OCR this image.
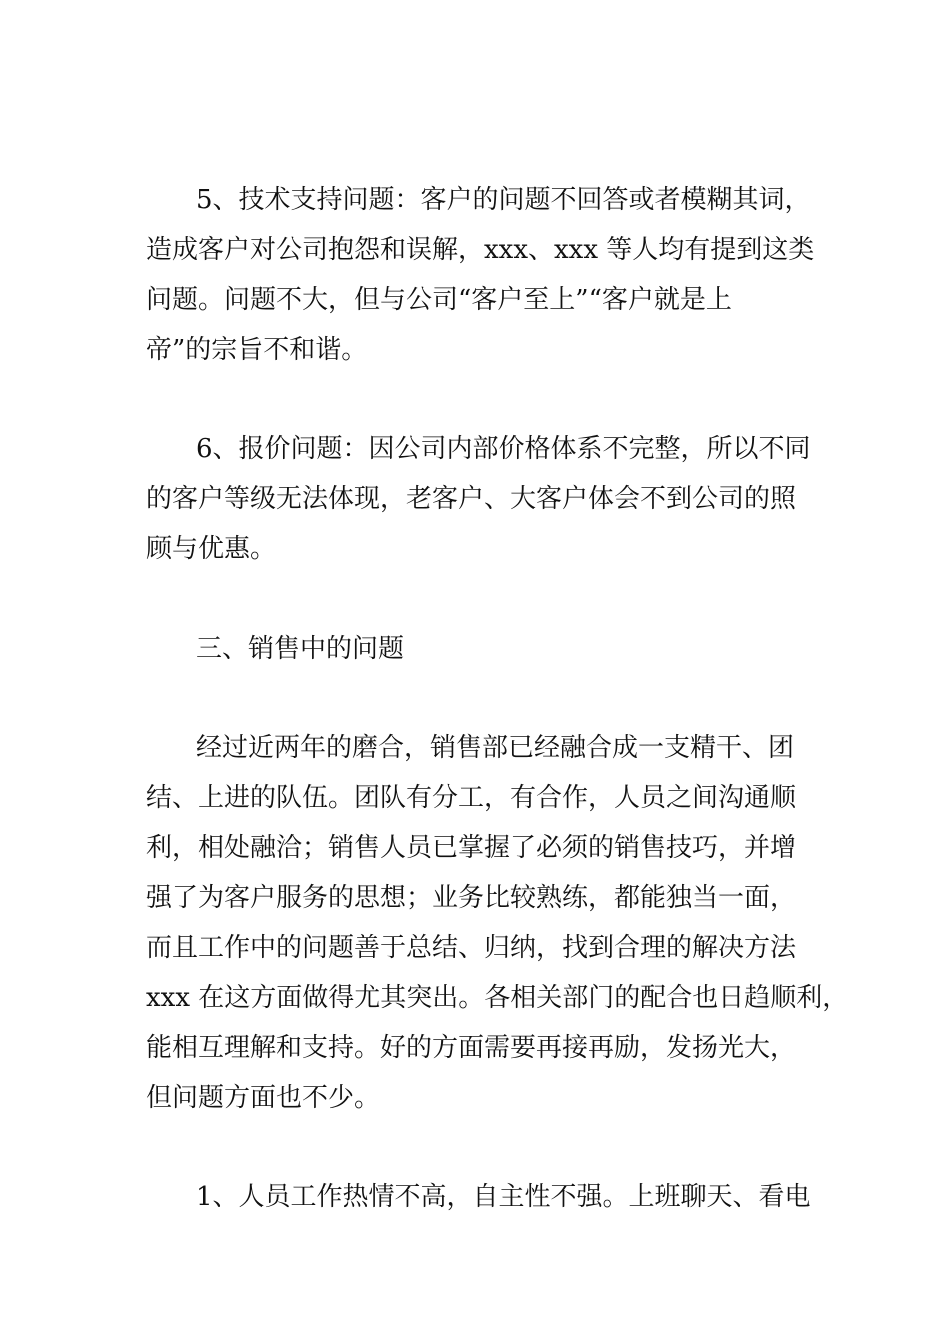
5、技术支持问题：客户的问题不回答或者模糊其词，
造成客户对公司抱怨和误解，xxx、xxx 等人均有提到这类
问题。问题不大，但与公司“客户至上”“客户就是上
帝”的宗旨不和谐。
6、报价问题：因公司内部价格体系不完整，所以不同
的客户等级无法体现，老客户、大客户体会不到公司的照
顾与优惠。
三、销售中的问题
经过近两年的磨合，销售部已经融合成一支精干、团
结、上进的队伍。团队有分工，有合作，人员之间沟通顺
利，相处融洽；销售人员已掌握了必须的销售技巧，并增
强了为客户服务的思想；业务比较熟练，都能独当一面，
而且工作中的问题善于总结、归纳，找到合理的解决方法
xxx 在这方面做得尤其突出。各相关部门的配合也日趋顺利，
能相互理解和支持。好的方面需要再接再励，发扬光大，
但问题方面也不少。
1、人员工作热情不高，自主性不强。上班聊天、看电
